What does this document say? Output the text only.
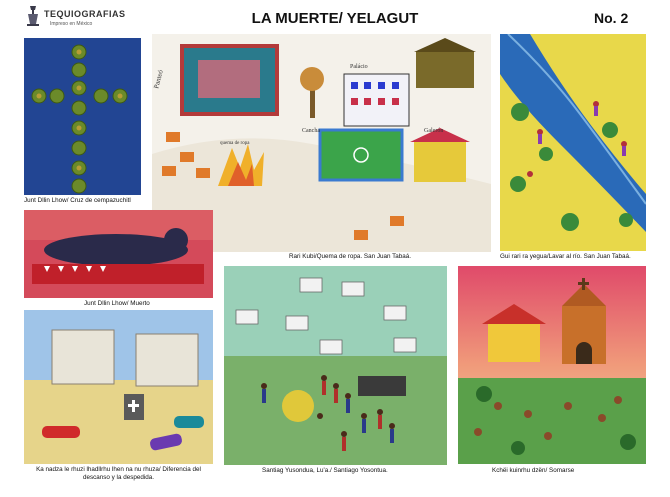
TEQUIOGRAFIAS
Impreso en México	LA MUERTE/ YELAGUT	No. 2
Junt Dllin Lhow/ Cruz de cempazuchitl
Panteó
Palácio
Cancha	Galerón
quema de ropa
Rari Kubi/Quema de ropa. San Juan Tabaá.	Gui rari ra yegua/Lavar al río. San Juan Tabaá.
Junt Dllin Lhow/ Muerto
Ka nadza le rhuzi lhadllrhu lhen na nu rhuza/ Diferencia del descanso y la despedida.
Santiag Yusondua, Lu'a./ Santiago Yosontua.	Kchëi kuinrhu dzën/ Somarse
